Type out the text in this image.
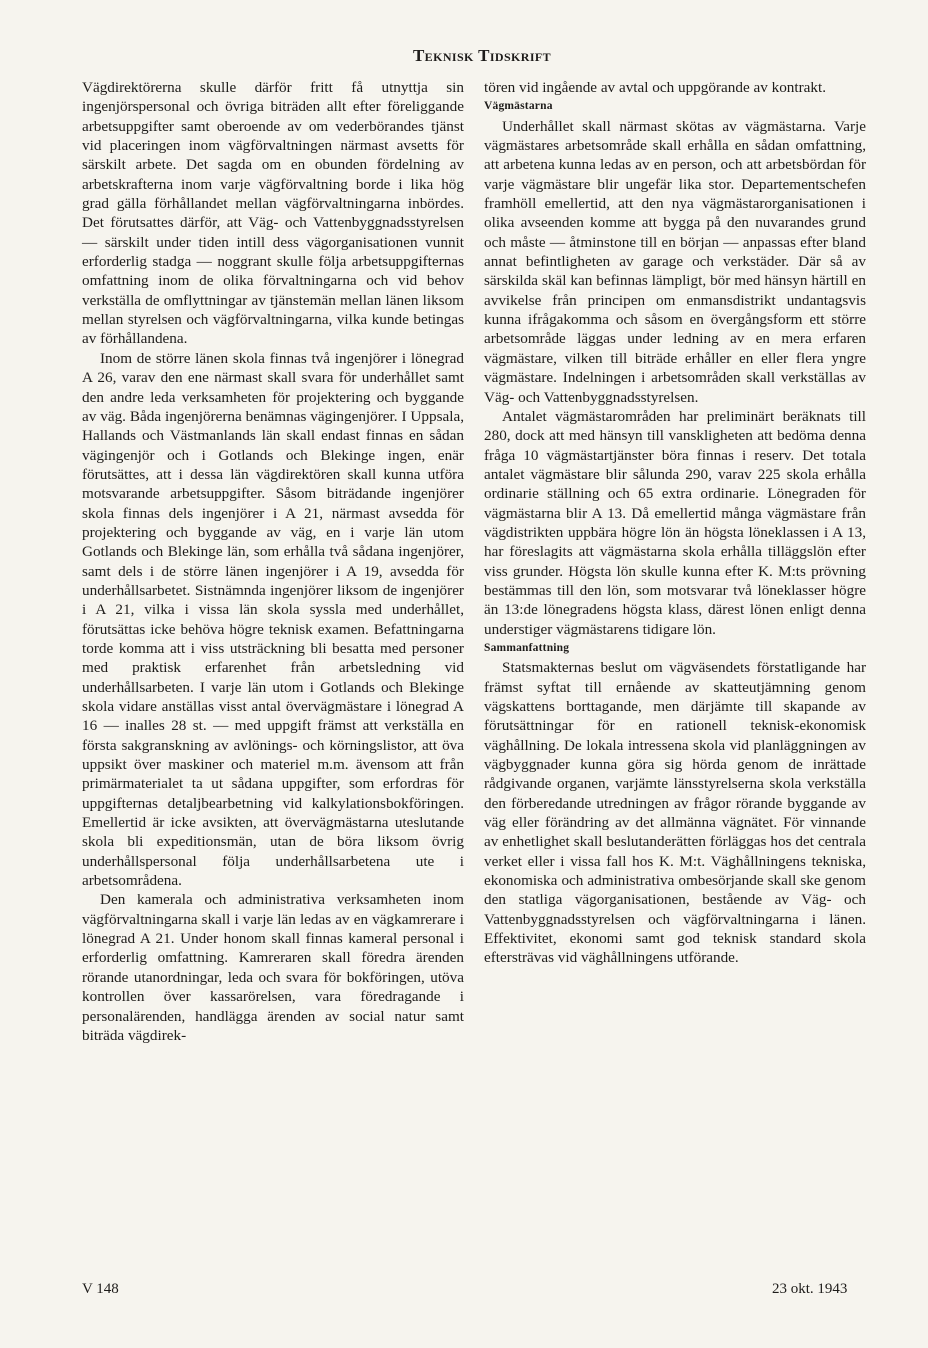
Teknisk Tidskrift

Vägdirektörerna skulle därför fritt få utnyttja sin ingenjörspersonal och övriga biträden allt efter föreliggande arbetsuppgifter samt oberoende av om vederbörandes tjänst vid placeringen inom vägförvaltningen närmast avsetts för särskilt arbete. Det sagda om en obunden fördelning av arbetskrafterna inom varje vägförvaltning borde i lika hög grad gälla förhållandet mellan vägförvaltningarna inbördes. Det förutsattes därför, att Väg- och Vattenbyggnadsstyrelsen — särskilt under tiden intill dess vägorganisationen vunnit erforderlig stadga — noggrant skulle följa arbetsuppgifternas omfattning inom de olika förvaltningarna och vid behov verkställa de omflyttningar av tjänstemän mellan länen liksom mellan styrelsen och vägförvaltningarna, vilka kunde betingas av förhållandena.

Inom de större länen skola finnas två ingenjörer i lönegrad A 26, varav den ene närmast skall svara för underhållet samt den andre leda verksamheten för projektering och byggande av väg. Båda ingenjörerna benämnas vägingenjörer. I Uppsala, Hallands och Västmanlands län skall endast finnas en sådan vägingenjör och i Gotlands och Blekinge ingen, enär förutsättes, att i dessa län vägdirektören skall kunna utföra motsvarande arbetsuppgifter. Såsom biträdande ingenjörer skola finnas dels ingenjörer i A 21, närmast avsedda för projektering och byggande av väg, en i varje län utom Gotlands och Blekinge län, som erhålla två sådana ingenjörer, samt dels i de större länen ingenjörer i A 19, avsedda för underhållsarbetet. Sistnämnda ingenjörer liksom de ingenjörer i A 21, vilka i vissa län skola syssla med underhållet, förutsättas icke behöva högre teknisk examen. Befattningarna torde komma att i viss utsträckning bli besatta med personer med praktisk erfarenhet från arbetsledning vid underhållsarbeten. I varje län utom i Gotlands och Blekinge skola vidare anställas visst antal övervägmästare i lönegrad A 16 — inalles 28 st. — med uppgift främst att verkställa en första sakgranskning av avlönings- och körningslistor, att öva uppsikt över maskiner och materiel m.m. ävensom att från primärmaterialet ta ut sådana uppgifter, som erfordras för uppgifternas detaljbearbetning vid kalkylationsbokföringen. Emellertid är icke avsikten, att övervägmästarna uteslutande skola bli expeditionsmän, utan de böra liksom övrig underhållspersonal följa underhållsarbetena ute i arbetsområdena.

Den kamerala och administrativa verksamheten inom vägförvaltningarna skall i varje län ledas av en vägkamrerare i lönegrad A 21. Under honom skall finnas kameral personal i erforderlig omfattning. Kamreraren skall föredra ärenden rörande utanordningar, leda och svara för bokföringen, utöva kontrollen över kassarörelsen, vara föredragande i personalärenden, handlägga ärenden av social natur samt biträda vägdirek-

tören vid ingående av avtal och uppgörande av kontrakt.

Vägmästarna

Underhållet skall närmast skötas av vägmästarna. Varje vägmästares arbetsområde skall erhålla en sådan omfattning, att arbetena kunna ledas av en person, och att arbetsbördan för varje vägmästare blir ungefär lika stor. Departementschefen framhöll emellertid, att den nya vägmästarorganisationen i olika avseenden komme att bygga på den nuvarandes grund och måste — åtminstone till en början — anpassas efter bland annat befintligheten av garage och verkstäder. Där så av särskilda skäl kan befinnas lämpligt, bör med hänsyn härtill en avvikelse från principen om enmansdistrikt undantagsvis kunna ifrågakomma och såsom en övergångsform ett större arbetsområde läggas under ledning av en mera erfaren vägmästare, vilken till biträde erhåller en eller flera yngre vägmästare. Indelningen i arbetsområden skall verkställas av Väg- och Vattenbyggnadsstyrelsen.

Antalet vägmästarområden har preliminärt beräknats till 280, dock att med hänsyn till vanskligheten att bedöma denna fråga 10 vägmästartjänster böra finnas i reserv. Det totala antalet vägmästare blir sålunda 290, varav 225 skola erhålla ordinarie ställning och 65 extra ordinarie. Lönegraden för vägmästarna blir A 13. Då emellertid många vägmästare från vägdistrikten uppbära högre lön än högsta löneklassen i A 13, har föreslagits att vägmästarna skola erhålla tilläggslön efter viss grunder. Högsta lön skulle kunna efter K. M:ts prövning bestämmas till den lön, som motsvarar två löneklasser högre än 13:de lönegradens högsta klass, därest lönen enligt denna understiger vägmästarens tidigare lön.

Sammanfattning

Statsmakternas beslut om vägväsendets förstatligande har främst syftat till ernående av skatteutjämning genom vägskattens borttagande, men därjämte till skapande av förutsättningar för en rationell teknisk-ekonomisk väghållning. De lokala intressena skola vid planläggningen av vägbyggnader kunna göra sig hörda genom de inrättade rådgivande organen, varjämte länsstyrelserna skola verkställa den förberedande utredningen av frågor rörande byggande av väg eller förändring av det allmänna vägnätet. För vinnande av enhetlighet skall beslutanderätten förläggas hos det centrala verket eller i vissa fall hos K. M:t. Väghållningens tekniska, ekonomiska och administrativa ombesörjande skall ske genom den statliga vägorganisationen, bestående av Väg- och Vattenbyggnadsstyrelsen och vägförvaltningarna i länen. Effektivitet, ekonomi samt god teknisk standard skola eftersträvas vid väghållningens utförande.

V 148	23 okt. 1943
